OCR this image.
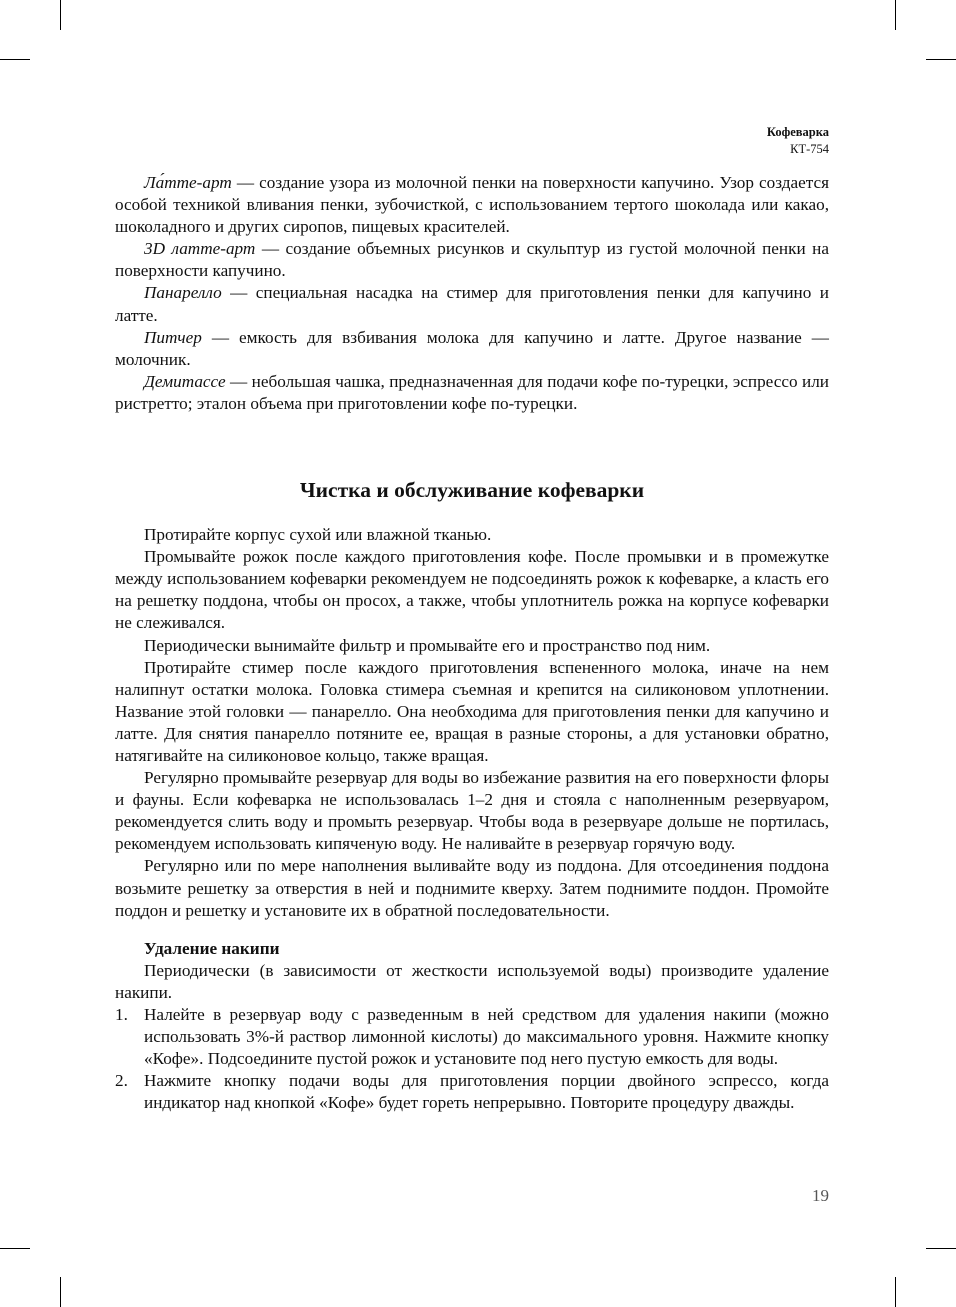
Кофеварка
КТ-754

Ла́тте-арт — создание узора из молочной пенки на поверхности капучино. Узор создается особой техникой вливания пенки, зубочисткой, с использованием тертого шоколада или какао, шоколадного и других сиропов, пищевых красителей.

3D латте-арт — создание объемных рисунков и скульптур из густой молочной пенки на поверхности капучино.

Панарелло — специальная насадка на стимер для приготовления пенки для капучино и латте.

Питчер — емкость для взбивания молока для капучино и латте. Другое название — молочник.

Демитассе — небольшая чашка, предназначенная для подачи кофе по-турецки, эспрессо или ристретто; эталон объема при приготовлении кофе по-турецки.

Чистка и обслуживание кофеварки

Протирайте корпус сухой или влажной тканью.

Промывайте рожок после каждого приготовления кофе. После промывки и в промежутке между использованием кофеварки рекомендуем не подсоединять рожок к кофеварке, а класть его на решетку поддона, чтобы он просох, а также, чтобы уплотнитель рожка на корпусе кофеварки не слеживался.

Периодически вынимайте фильтр и промывайте его и пространство под ним.

Протирайте стимер после каждого приготовления вспененного молока, иначе на нем налипнут остатки молока. Головка стимера съемная и крепится на силиконовом уплотнении. Название этой головки — панарелло. Она необходима для приготовления пенки для капучино и латте. Для снятия панарелло потяните ее, вращая в разные стороны, а для установки обратно, натягивайте на силиконовое кольцо, также вращая.

Регулярно промывайте резервуар для воды во избежание развития на его поверхности флоры и фауны. Если кофеварка не использовалась 1–2 дня и стояла с наполненным резервуаром, рекомендуется слить воду и промыть резервуар. Чтобы вода в резервуаре дольше не портилась, рекомендуем использовать кипяченую воду. Не наливайте в резервуар горячую воду.

Регулярно или по мере наполнения выливайте воду из поддона. Для отсоединения поддона возьмите решетку за отверстия в ней и поднимите кверху. Затем поднимите поддон. Промойте поддон и решетку и установите их в обратной последовательности.

Удаление накипи

Периодически (в зависимости от жесткости используемой воды) производите удаление накипи.

1. Налейте в резервуар воду с разведенным в ней средством для удаления накипи (можно использовать 3%-й раствор лимонной кислоты) до максимального уровня. Нажмите кнопку «Кофе». Подсоедините пустой рожок и установите под него пустую емкость для воды.
2. Нажмите кнопку подачи воды для приготовления порции двойного эспрессо, когда индикатор над кнопкой «Кофе» будет гореть непрерывно. Повторите процедуру дважды.
19
